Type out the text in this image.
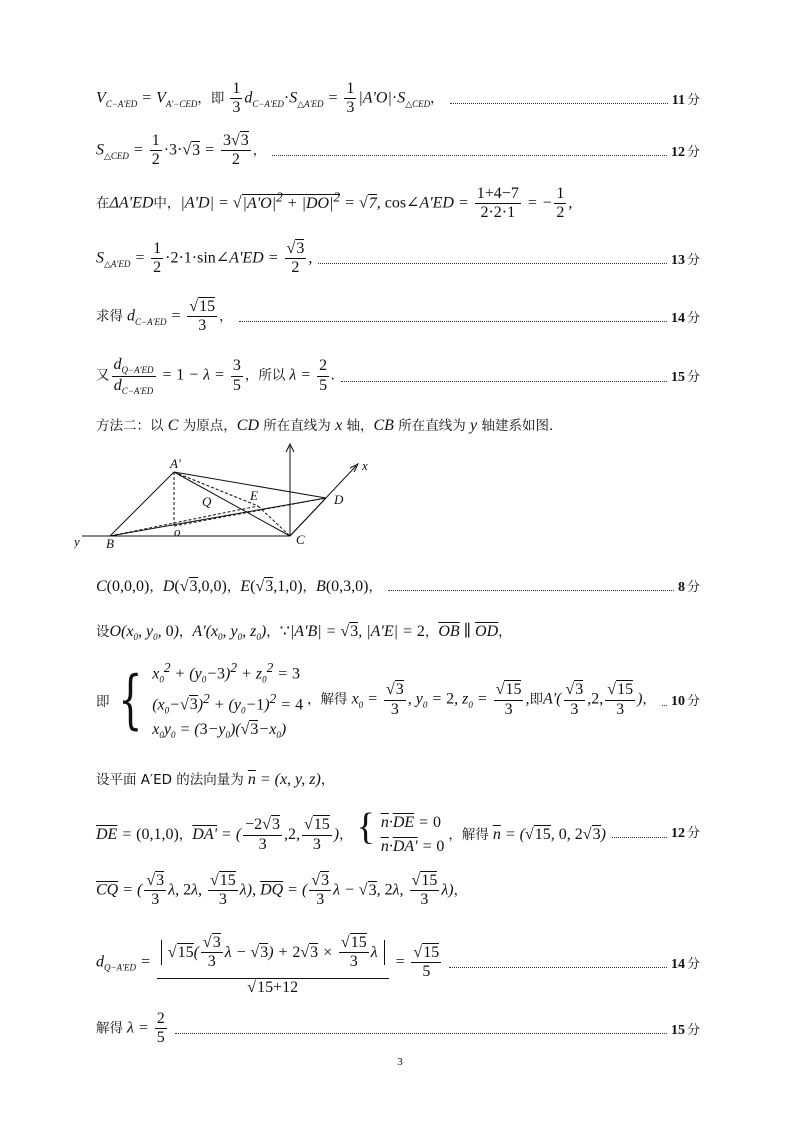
$V_{C-A'ED} = V_{A'-CED}$，即 $\frac{1}{3} d_{C-A'ED}\cdot S_{\triangle A'ED} = \frac{1}{3} |A'O|\cdot S_{\triangle CED}$，	11 分
$S_{\triangle CED} = \frac{1}{2} \cdot 3\cdot√3 = \frac{3√3}{2}$ ，	12 分
在ΔA'ED中，$|A'D| = √|A'O|^2 + |DO|^2 = √7$, cos∠A'ED = $\frac{1+4-7}{2\cdot 2\cdot 1}$ = − $\frac{1}{2}$ ,
$S_{\triangle A'ED} = \frac{1}{2}$ ·2·1·sin∠A'ED = $\frac{√3}{2}$ ,	13 分
求得 $d_{C-A'ED} = \frac{√15}{3}$ ，	14 分
又 $\frac{d_{Q-A'ED}}{d_{C-A'ED}} = 1 - \lambda = \frac{3}{5}$ ，所以 $\lambda = \frac{2}{5}$ .	15 分
方法二：以 C 为原点，CD 所在直线为 x 轴，CB 所在直线为 y 轴建系如图.
A'
Q	E	D
B
o
C
x
y
C(0,0,0)，D(√3,0,0)，E(√3,1,0)，B(0,3,0)，	8 分
设$O(x_0$, $y_0$, 0)，$A'(x_0$, $y_0$, $z_0$)，∵|A'B| = √3, |A'E| = 2，$\overline{OB}$ ∥ $\overline{OD}$，
即 { $x_0^2 + (y_0-3)^2 + z_0^2 = 3$
$(x_0-√3)^2 + (y_0-1)^2 = 4$
$x_0y_0 = (3-y_0)(√3-x_0)$
，解得 $x_0 = \frac{√3}{3}$ , $y_0 = 2$, $z_0 = \frac{√15}{3}$ ,即$A'( \frac{√3}{3} ,2$, $\frac{√15}{3}$ )， 10 分
设平面 A′ED 的法向量为 $\overline{n} = (x$, y, z)，
$\overline{DE} = (0,1,0)$，DA' = ( $\frac{-2√3}{3} ,2$, $\frac{√15}{3}$ )， { $\overline{n}\cdot\overline{DE} = 0$
$\overline{n}\cdot DA' = 0$
，解得 $\overline{n} = (√15$, 0, 2√3)	12 分
$\overline{CQ}$ = ( $\frac{√3}{3} \lambda$, 2λ, $\frac{√15}{3} \lambda$), $\overline{DQ}$ = ( $\frac{√3}{3}$ λ − √3, 2λ, $\frac{√15}{3} \lambda$)，
$d_{Q-A'ED} = \frac{√15( \frac{√3}{3} \lambda - √3) + 2√3 \times \frac{√15}{3} \lambda}{√15+12} = \frac{√15}{5}$	14 分
解得 $\lambda = \frac{2}{5}$	15 分
3
